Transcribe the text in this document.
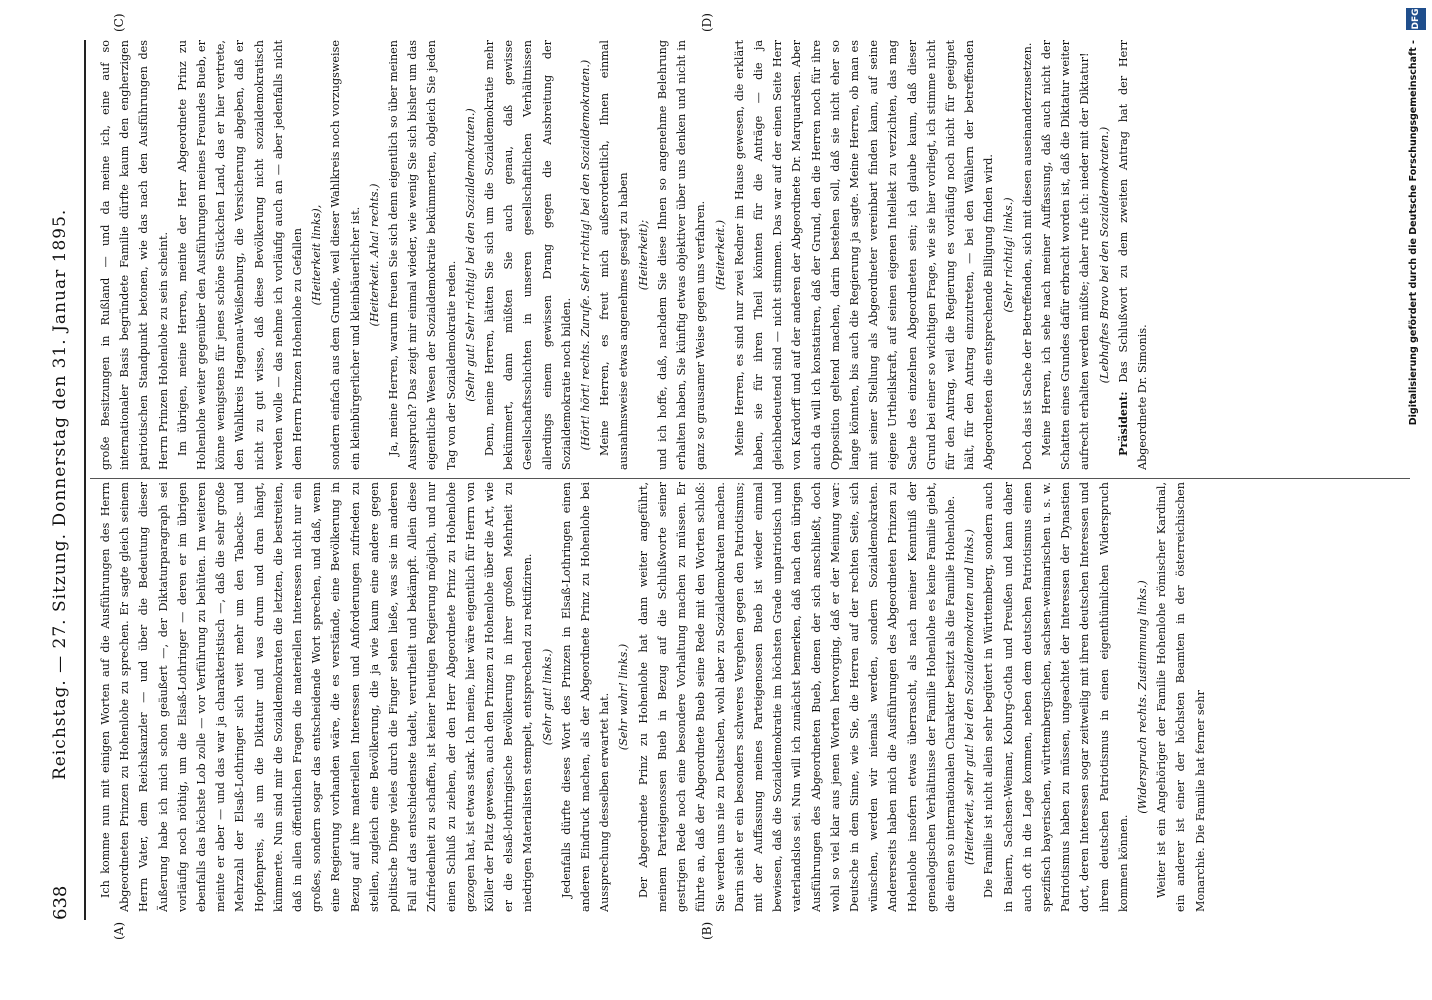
638
Reichstag. — 27. Sitzung. Donnerstag den 31. Januar 1895.
(A)	(B)
(C)	(D)

Ich komme nun mit einigen Worten auf die Ausführungen des Herrn Abgeordneten Prinzen zu Hohenlohe zu sprechen. Er sagte gleich seinem Herrn Vater, dem Reichskanzler — und über die Bedeutung dieser Äußerung habe ich mich schon geäußert —, der Diktaturparagraph sei vorläufig noch nöthig, um die Elsaß-Lothringer — deren er im übrigen ebenfalls das höchste Lob zolle — vor Verführung zu behüten. Im weiteren meinte er aber — und das war ja charakteristisch —, daß die sehr große Mehrzahl der Elsaß-Lothringer sich weit mehr um den Tabacks- und Hopfenpreis, als um die Diktatur und was drum und dran hängt, kümmerte. Nun sind mir die Sozialdemokraten die letzten, die bestreiten, daß in allen öffentlichen Fragen die materiellen Interessen nicht nur ein großes, sondern sogar das entscheidende Wort sprechen, und daß, wenn eine Regierung vorhanden wäre, die es verstände, eine Bevölkerung in Bezug auf ihre materiellen Interessen und Anforderungen zufrieden zu stellen, zugleich eine Bevölkerung, die ja wie kaum eine andere gegen politische Dinge vieles durch die Finger sehen ließe, was sie im anderen Fall auf das entschiedenste tadelt, verurtheilt und bekämpft. Allein diese Zufriedenheit zu schaffen, ist keiner heutigen Regierung möglich, und nur einen Schluß zu ziehen, der den Herr Abgeordnete Prinz zu Hohenlohe gezogen hat, ist etwas stark. Ich meine, hier wäre eigentlich für Herrn von Köller der Platz gewesen, auch den Prinzen zu Hohenlohe über die Art, wie er die elsaß-lothringische Bevölkerung in ihrer großen Mehrheit zu niedrigen Materialisten stempelt, entsprechend zu rektifiziren. (Sehr gut! links.) Jedenfalls dürfte dieses Wort des Prinzen in Elsaß-Lothringen einen anderen Eindruck machen, als der Abgeordnete Prinz zu Hohenlohe bei Aussprechung desselben erwartet hat. (Sehr wahr! links.) Der Abgeordnete Prinz zu Hohenlohe hat dann weiter angeführt, meinem Parteigenossen Bueb in Bezug auf die Schlußworte seiner gestrigen Rede noch eine besondere Vorhaltung machen zu müssen. Er führte an, daß der Abgeordnete Bueb seine Rede mit den Worten schloß: Sie werden uns nie zu Deutschen, wohl aber zu Sozialdemokraten machen. Darin sieht er ein besonders schweres Vergehen gegen den Patriotismus; mit der Auffassung meines Parteigenossen Bueb ist wieder einmal bewiesen, daß die Sozialdemokratie im höchsten Grade unpatriotisch und vaterlandslos sei. Nun will ich zunächst bemerken, daß nach den übrigen Ausführungen des Abgeordneten Bueb, denen der sich anschließt, doch wohl so viel klar aus jenen Worten hervorging, daß er der Meinung war: Deutsche in dem Sinne, wie Sie, die Herren auf der rechten Seite, sich wünschen, werden wir niemals werden, sondern Sozialdemokraten. Andererseits haben mich die Ausführungen des Abgeordneten Prinzen zu Hohenlohe insofern etwas überrascht, als nach meiner Kenntniß der genealogischen Verhältnisse der Familie Hohenlohe es keine Familie giebt, die einen so internationalen Charakter besitzt als die Familie Hohenlohe. (Heiterkeit, sehr gut! bei den Sozialdemokraten und links.) Die Familie ist nicht allein sehr begütert in Württemberg, sondern auch in Baiern, Sachsen-Weimar, Koburg-Gotha und Preußen und kann daher auch oft in die Lage kommen, neben dem deutschen Patriotismus einen spezifisch bayerischen, württembergischen, sachsen-weimarischen u. s. w. Patriotismus haben zu müssen, ungeachtet der Interessen der Dynastien dort, deren Interessen sogar zeitweilig mit ihren deutschen Interessen und ihrem deutschen Patriotismus in einen eigenthümlichen Widerspruch kommen können.

(Widerspruch rechts. Zustimmung links.) Weiter ist ein Angehöriger der Familie Hohenlohe römischer Kardinal, ein anderer ist einer der höchsten Beamten in der österreichischen Monarchie. Die Familie hat ferner sehr

große Besitzungen in Rußland — und da meine ich, eine auf so internationaler Basis begründete Familie dürfte kaum den engherzigen patriotischen Standpunkt betonen, wie das nach den Ausführungen des Herrn Prinzen Hohenlohe zu sein scheint. Im übrigen, meine Herren, meinte der Herr Abgeordnete Prinz zu Hohenlohe weiter gegenüber den Ausführungen meines Freundes Bueb, er könne wenigstens für jenes schöne Stückchen Land, das er hier vertrete, den Wahlkreis Hagenau-Weißenburg, die Versicherung abgeben, daß er nicht zu gut wisse, daß diese Bevölkerung nicht sozialdemokratisch werden wolle — das nehme ich vorläufig auch an — aber jedenfalls nicht dem Herrn Prinzen Hohenlohe zu Gefallen (Heiterkeit links), sondern einfach aus dem Grunde, weil dieser Wahlkreis noch vorzugsweise ein kleinbürgerlicher und kleinbäuerlicher ist. (Heiterkeit. Aha! rechts.) Ja, meine Herren, warum freuen Sie sich denn eigentlich so über meinen Ausspruch? Das zeigt mir einmal wieder, wie wenig Sie sich bisher um das eigentliche Wesen der Sozialdemokratie bekümmerten, obgleich Sie jeden Tag von der Sozialdemokratie reden. (Sehr gut! Sehr richtig! bei den Sozialdemokraten.) Denn, meine Herren, hätten Sie sich um die Sozialdemokratie mehr bekümmert, dann müßten Sie auch genau, daß gewisse Gesellschaftsschichten in unseren gesellschaftlichen Verhältnissen allerdings einem gewissen Drang gegen die Ausbreitung der Sozialdemokratie noch bilden. (Hört! hört! rechts. Zurufe. Sehr richtig! bei den Sozialdemokraten.) Meine Herren, es freut mich außerordentlich, Ihnen einmal ausnahmsweise etwas angenehmes gesagt zu haben (Heiterkeit); und ich hoffe, daß, nachdem Sie diese Ihnen so angenehme Belehrung erhalten haben, Sie künftig etwas objektiver über uns denken und nicht in ganz so grausamer Weise gegen uns verfahren. (Heiterkeit.) Meine Herren, es sind nur zwei Redner im Hause gewesen, die erklärt haben, sie für ihren Theil könnten für die Anträge — die ja gleichbedeutend sind — nicht stimmen. Das war auf der einen Seite Herr von Kardorff und auf der anderen der Abgeordnete Dr. Marquardsen. Aber auch da will ich konstatiren, daß der Grund, den die Herren noch für ihre Opposition geltend machen, darin bestehen soll, daß sie nicht eher so lange könnten, bis auch die Regierung ja sagte. Meine Herren, ob man es mit seiner Stellung als Abgeordneter vereinbart finden kann, auf seine eigene Urtheilskraft, auf seinen eigenen Intellekt zu verzichten, das mag Sache des einzelnen Abgeordneten sein; ich glaube kaum, daß dieser Grund bei einer so wichtigen Frage, wie sie hier vorliegt, ich stimme nicht für den Antrag, weil die Regierung es vorläufig noch nicht für geeignet hält, für den Antrag einzutreten, — bei den Wählern der betreffenden Abgeordneten die entsprechende Billigung finden wird. (Sehr richtig! links.) Doch das ist Sache der Betreffenden, sich mit diesen auseinanderzusetzen. Meine Herren, ich sehe nach meiner Auffassung, daß auch nicht der Schatten eines Grundes dafür erbracht worden ist, daß die Diktatur weiter aufrecht erhalten werden müßte; daher rufe ich: nieder mit der Diktatur! (Lebhaftes Bravo bei den Sozialdemokraten.)

Präsident: Das Schlußwort zu dem zweiten Antrag hat der Herr Abgeordnete Dr. Simonis.	Digitalisierung gefördert durch die Deutsche Forschungsgemeinschaft -
DFG
